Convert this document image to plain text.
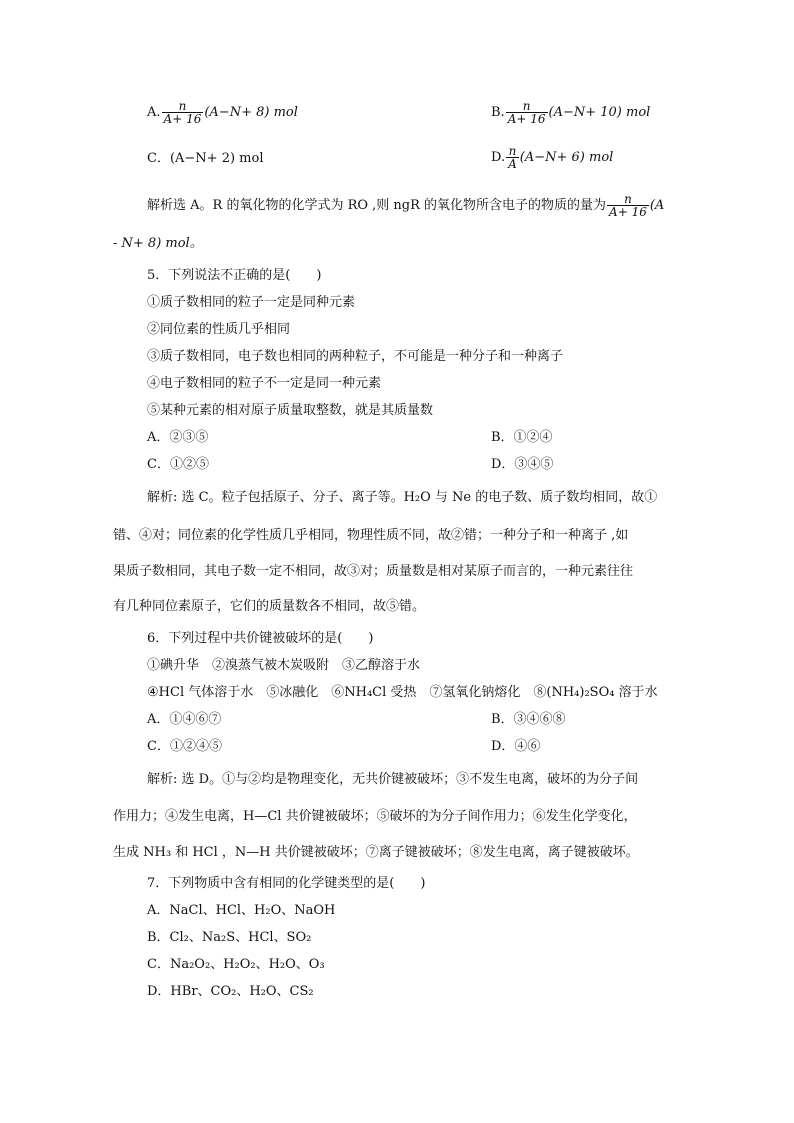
A. $\frac{n}{A+ 16} (A-N+ 8)$ mol	B. $\frac{n}{A+ 16} (A-N+ 10)$ mol
C．(A−N+ 2) mol	D. $\frac{n}{A} (A-N+ 6)$ mol
解析选 A。R 的氧化物的化学式为 RO ,则 ngR 的氧化物所含电子的物质的量为 $\frac{n}{A+ 16} (A$
- N+ 8) mol。
5．下列说法不正确的是(　　)
①质子数相同的粒子一定是同种元素
②同位素的性质几乎相同
③质子数相同，电子数也相同的两种粒子，不可能是一种分子和一种离子
④电子数相同的粒子不一定是同一种元素
⑤某种元素的相对原子质量取整数，就是其质量数
A．②③⑤	B．①②④
C．①②⑤	D．③④⑤
解析: 选 C。粒子包括原子、分子、离子等。H₂O 与 Ne 的电子数、质子数均相同，故①
错、④对；同位素的化学性质几乎相同，物理性质不同，故②错；一种分子和一种离子 ,如
果质子数相同，其电子数一定不相同，故③对；质量数是相对某原子而言的，一种元素往往
有几种同位素原子，它们的质量数各不相同，故⑤错。
6．下列过程中共价键被破坏的是(　　)
①碘升华　②溴蒸气被木炭吸附　③乙醇溶于水
④HCl 气体溶于水　⑤冰融化　⑥NH₄Cl 受热　⑦氢氧化钠熔化　⑧(NH₄)₂SO₄ 溶于水
A．①④⑥⑦	B．③④⑥⑧
C．①②④⑤	D．④⑥
解析: 选 D。①与②均是物理变化，无共价键被破坏；③不发生电离，破坏的为分子间
作用力；④发生电离，H—Cl 共价键被破坏；⑤破坏的为分子间作用力；⑥发生化学变化，
生成 NH₃ 和 HCl ，N—H 共价键被破坏；⑦离子键被破坏；⑧发生电离，离子键被破坏。
7．下列物质中含有相同的化学键类型的是(　　)
A．NaCl、HCl、H₂O、NaOH
B．Cl₂、Na₂S、HCl、SO₂
C．Na₂O₂、H₂O₂、H₂O、O₃
D．HBr、CO₂、H₂O、CS₂
